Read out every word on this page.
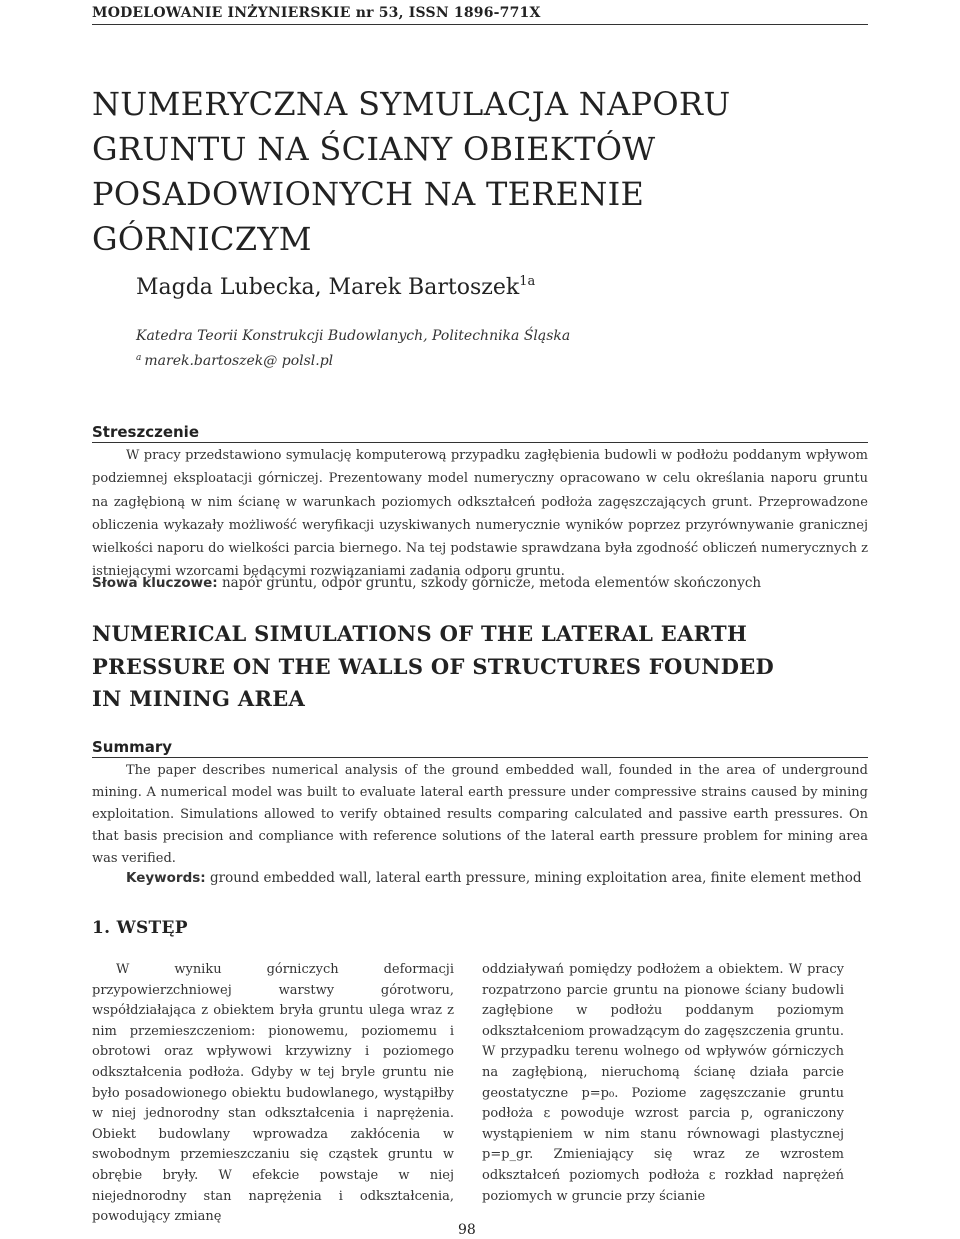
MODELOWANIE INŻYNIERSKIE nr 53, ISSN 1896-771X
NUMERYCZNA SYMULACJA NAPORU
GRUNTU NA ŚCIANY OBIEKTÓW
POSADOWIONYCH NA TERENIE
GÓRNICZYM
Magda Lubecka, Marek Bartoszek$^{1a}$
Katedra Teorii Konstrukcji Budowlanych, Politechnika Śląska
$^a$ marek.bartoszek@ polsl.pl
Streszczenie

W pracy przedstawiono symulację komputerową przypadku zagłębienia budowli w podłożu poddanym wpływom podziemnej eksploatacji górniczej. Prezentowany model numeryczny opracowano w celu określania naporu gruntu na zagłębioną w nim ścianę w warunkach poziomych odkształceń podłoża zagęszczających grunt. Przeprowadzone obliczenia wykazały możliwość weryfikacji uzyskiwanych numerycznie wyników poprzez przyrównywanie granicznej wielkości naporu do wielkości parcia biernego. Na tej podstawie sprawdzana była zgodność obliczeń numerycznych z istniejącymi wzorcami będącymi rozwiązaniami zadania odporu gruntu.

Słowa kluczowe: napór gruntu, odpór gruntu, szkody górnicze, metoda elementów skończonych
NUMERICAL SIMULATIONS OF THE LATERAL EARTH
PRESSURE ON THE WALLS OF STRUCTURES FOUNDED
IN MINING AREA
Summary

The paper describes numerical analysis of the ground embedded wall, founded in the area of underground mining. A numerical model was built to evaluate lateral earth pressure under compressive strains caused by mining exploitation. Simulations allowed to verify obtained results comparing calculated and passive earth pressures. On that basis precision and compliance with reference solutions of the lateral earth pressure problem for mining area was verified.

Keywords: ground embedded wall, lateral earth pressure, mining exploitation area, finite element method
1. WSTĘP

W wyniku górniczych deformacji przypowierzchniowej warstwy górotworu, współdziałająca z obiektem bryła gruntu ulega wraz z nim przemieszczeniom: pionowemu, poziomemu i obrotowi oraz wpływowi krzywizny i poziomego odkształcenia podłoża. Gdyby w tej bryle gruntu nie było posadowionego obiektu budowlanego, wystąpiłby w niej jednorodny stan odkształcenia i naprężenia. Obiekt budowlany wprowadza zakłócenia w swobodnym przemieszczaniu się cząstek gruntu w obrębie bryły. W efekcie powstaje w niej niejednorodny stan naprężenia i odkształcenia, powodujący zmianę

oddziaływań pomiędzy podłożem a obiektem. W pracy rozpatrzono parcie gruntu na pionowe ściany budowli zagłębione w podłożu poddanym poziomym odkształceniom prowadzącym do zagęszczenia gruntu. W przypadku terenu wolnego od wpływów górniczych na zagłębioną, nieruchomą ścianę działa parcie geostatyczne p=p₀. Poziome zagęszczanie gruntu podłoża ε powoduje wzrost parcia p, ograniczony wystąpieniem w nim stanu równowagi plastycznej p=p_gr. Zmieniający się wraz ze wzrostem odkształceń poziomych podłoża ε rozkład naprężeń poziomych w gruncie przy ścianie

98
